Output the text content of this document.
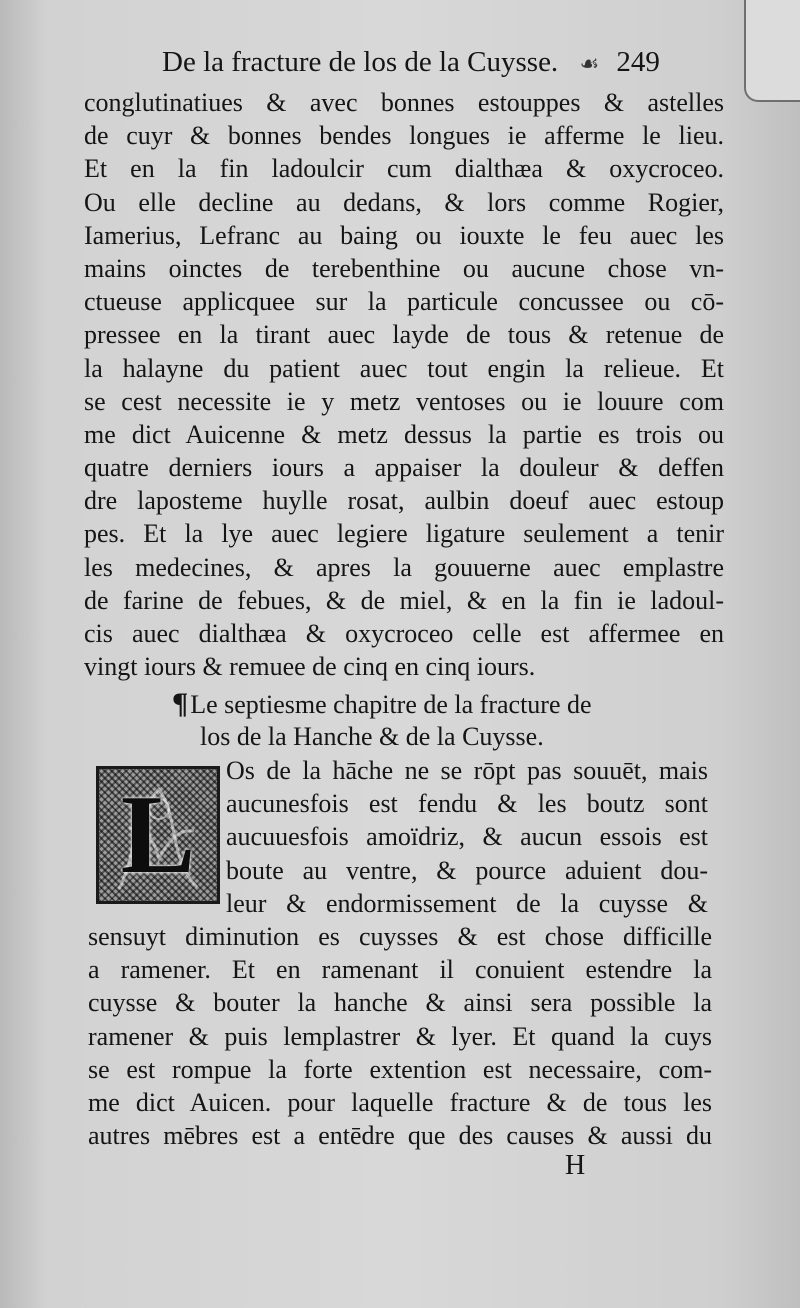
De la fracture de los de la Cuysse. ☙ 249
conglutinatiues & avec bonnes estouppes & astelles
de cuyr & bonnes bendes longues ie afferme le lieu.
Et en la fin ladoulcir cum dialthæa & oxycroceo.
Ou elle decline au dedans, & lors comme Rogier,
Iamerius, Lefranc au baing ou iouxte le feu auec les
mains oinctes de terebenthine ou aucune chose vn-
ctueuse applicquee sur la particule concussee ou cō-
pressee en la tirant auec layde de tous & retenue de
la halayne du patient auec tout engin la relieue. Et
se cest necessite ie y metz ventoses ou ie louure com
me dict Auicenne & metz dessus la partie es trois ou
quatre derniers iours a appaiser la douleur & deffen
dre laposteme huylle rosat, aulbin doeuf auec estoup
pes. Et la lye auec legiere ligature seulement a tenir
les medecines, & apres la gouuerne auec emplastre
de farine de febues, & de miel, & en la fin ie ladoul-
cis auec dialthæa & oxycroceo celle est affermee en
vingt iours & remuee de cinq en cinq iours.
¶Le septiesme chapitre de la fracture de
los de la Hanche & de la Cuysse.
L
Os de la hāche ne se rōpt pas souuēt, mais
aucunesfois est fendu & les boutz sont
aucuuesfois amoïdriz, & aucun essois est
boute au ventre, & pource aduient dou-
leur & endormissement de la cuysse &
sensuyt diminution es cuysses & est chose difficille
a ramener. Et en ramenant il conuient estendre la
cuysse & bouter la hanche & ainsi sera possible la
ramener & puis lemplastrer & lyer. Et quand la cuys
se est rompue la forte extention est necessaire, com-
me dict Auicen. pour laquelle fracture & de tous les
autres mēbres est a entēdre que des causes & aussi du
H
